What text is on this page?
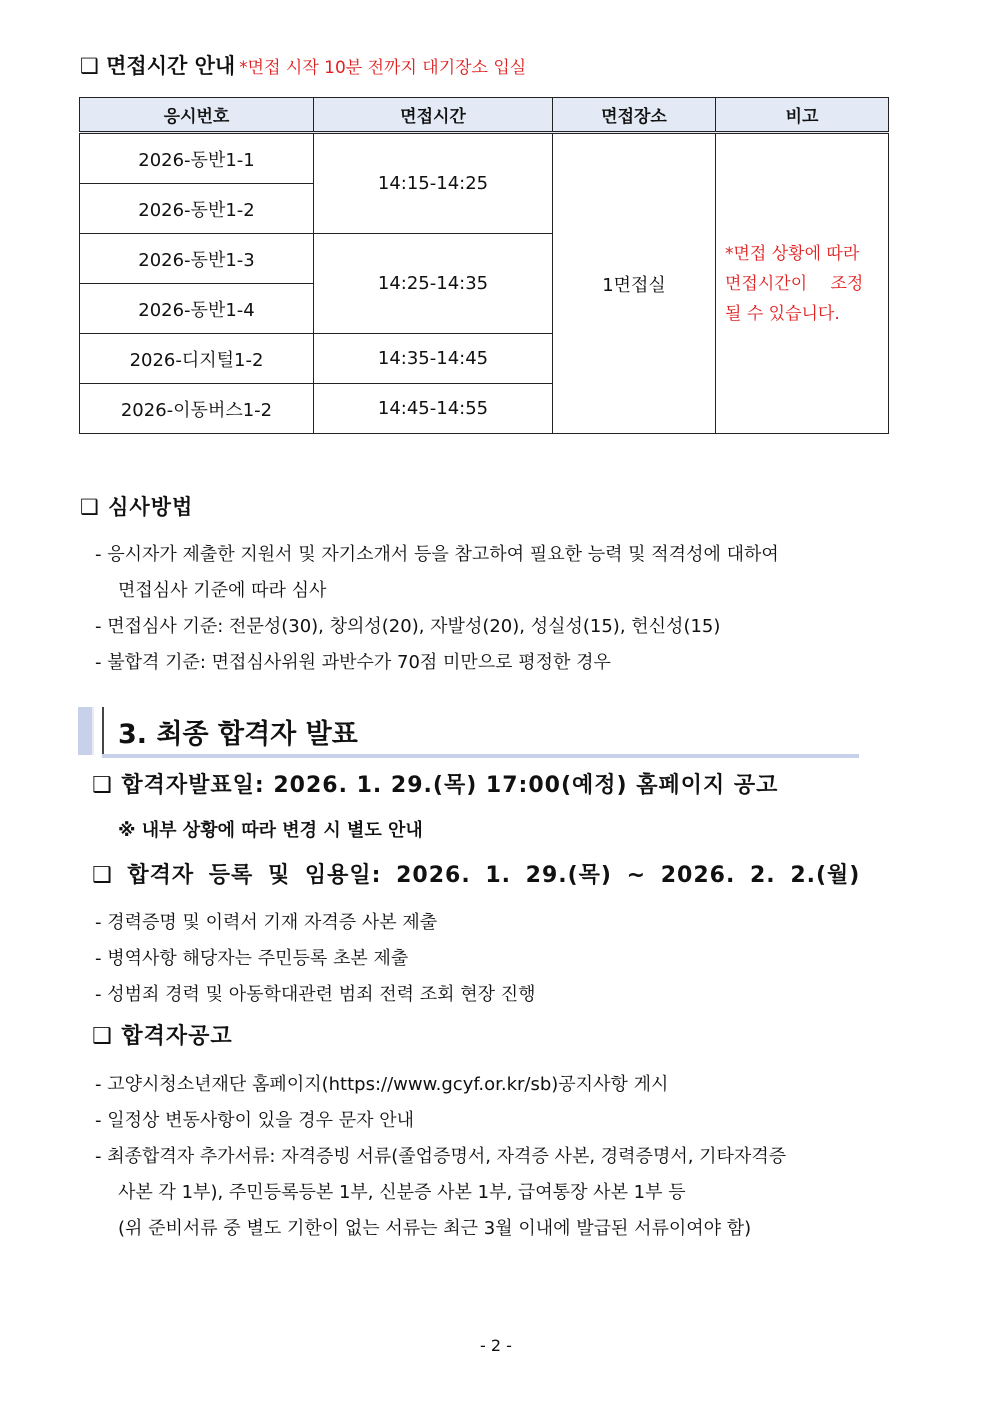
❑ 면접시간 안내 *면접 시작 10분 전까지 대기장소 입실
응시번호	면접시간	면접장소	비고
2026-동반1-1	14:15-14:25	1면접실	*면접 상황에 따라
면접시간이 조정
될 수 있습니다.

2026-동반1-2			
2026-동반1-3	14:25-14:35		
2026-동반1-4			
2026-디지털1-2	14:35-14:45		
2026-이동버스1-2	14:45-14:55		
❑ 심사방법
- 응시자가 제출한 지원서 및 자기소개서 등을 참고하여 필요한 능력 및 적격성에 대하여
면접심사 기준에 따라 심사
- 면접심사 기준: 전문성(30), 창의성(20), 자발성(20), 성실성(15), 헌신성(15)
- 불합격 기준: 면접심사위원 과반수가 70점 미만으로 평정한 경우
3. 최종 합격자 발표
❑ 합격자발표일: 2026. 1. 29.(목) 17:00(예정) 홈페이지 공고
※ 내부 상황에 따라 변경 시 별도 안내
❑ 합격자 등록 및 임용일: 2026. 1. 29.(목) ~ 2026. 2. 2.(월)
- 경력증명 및 이력서 기재 자격증 사본 제출
- 병역사항 해당자는 주민등록 초본 제출
- 성범죄 경력 및 아동학대관련 범죄 전력 조회 현장 진행
❑ 합격자공고
- 고양시청소년재단 홈페이지(https://www.gcyf.or.kr/sb)공지사항 게시
- 일정상 변동사항이 있을 경우 문자 안내
- 최종합격자 추가서류: 자격증빙 서류(졸업증명서, 자격증 사본, 경력증명서, 기타자격증
사본 각 1부), 주민등록등본 1부, 신분증 사본 1부, 급여통장 사본 1부 등
(위 준비서류 중 별도 기한이 없는 서류는 최근 3월 이내에 발급된 서류이여야 함)
- 2 -
